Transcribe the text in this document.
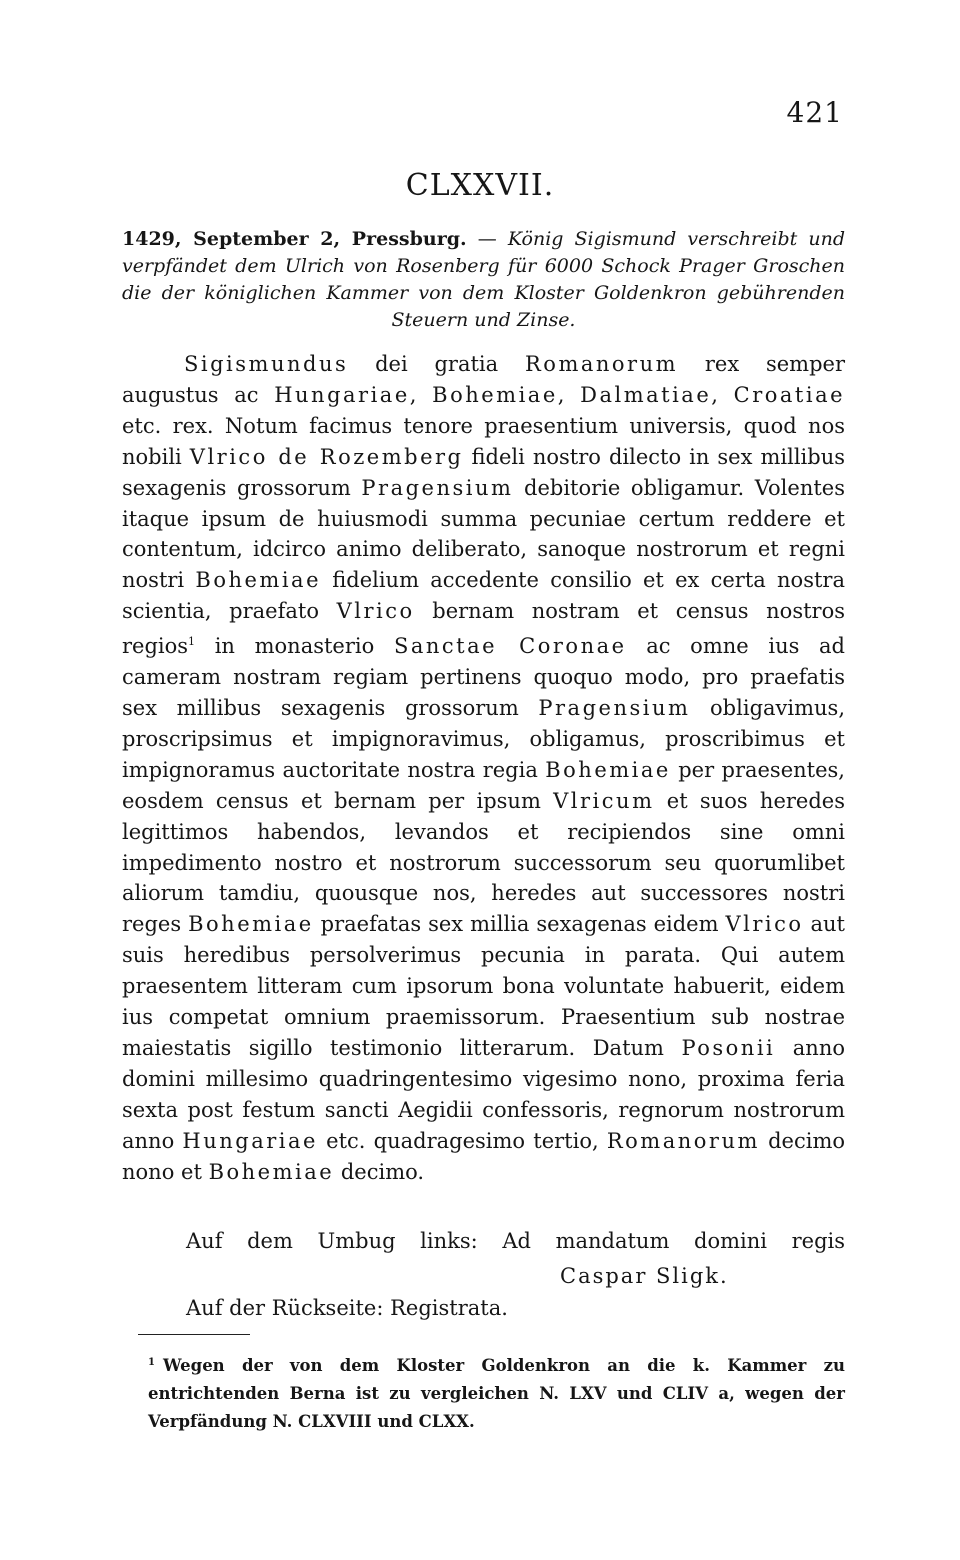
421
CLXXVII.
1429, September 2, Pressburg. — König Sigismund verschreibt und verpfändet dem Ulrich von Rosenberg für 6000 Schock Prager Groschen die der königlichen Kammer von dem Kloster Goldenkron gebührenden Steuern und Zinse.
Sigismundus dei gratia Romanorum rex semper augustus ac Hungariae, Bohemiae, Dalmatiae, Croatiae etc. rex. Notum facimus tenore praesentium universis, quod nos nobili Vlrico de Rozemberg fideli nostro dilecto in sex millibus sexagenis grossorum Pragensium debitorie obligamur. Volentes itaque ipsum de huiusmodi summa pecuniae certum reddere et contentum, idcirco animo deliberato, sanoque nostrorum et regni nostri Bohemiae fidelium accedente consilio et ex certa nostra scientia, praefato Vlrico bernam nostram et census nostros regios$^1$ in monasterio Sanctae Coronae ac omne ius ad cameram nostram regiam pertinens quoquo modo, pro praefatis sex millibus sexagenis grossorum Pragensium obligavimus, proscripsimus et impignoravimus, obligamus, proscribimus et impignoramus auctoritate nostra regia Bohemiae per praesentes, eosdem census et bernam per ipsum Vlricum et suos heredes legittimos habendos, levandos et recipiendos sine omni impedimento nostro et nostrorum successorum seu quorumlibet aliorum tamdiu, quousque nos, heredes aut successores nostri reges Bohemiae praefatas sex millia sexagenas eidem Vlrico aut suis heredibus persolverimus pecunia in parata. Qui autem praesentem litteram cum ipsorum bona voluntate habuerit, eidem ius competat omnium praemissorum. Praesentium sub nostrae maiestatis sigillo testimonio litterarum. Datum Posonii anno domini millesimo quadringentesimo vigesimo nono, proxima feria sexta post festum sancti Aegidii confessoris, regnorum nostrorum anno Hungariae etc. quadragesimo tertio, Romanorum decimo nono et Bohemiae decimo.
Auf dem Umbug links: Ad mandatum domini regis
Caspar Sligk.
Auf der Rückseite: Registrata.
$^1$ Wegen der von dem Kloster Goldenkron an die k. Kammer zu entrichtenden Berna ist zu vergleichen N. LXV und CLIV a, wegen der Verpfändung N. CLXVIII und CLXX.
